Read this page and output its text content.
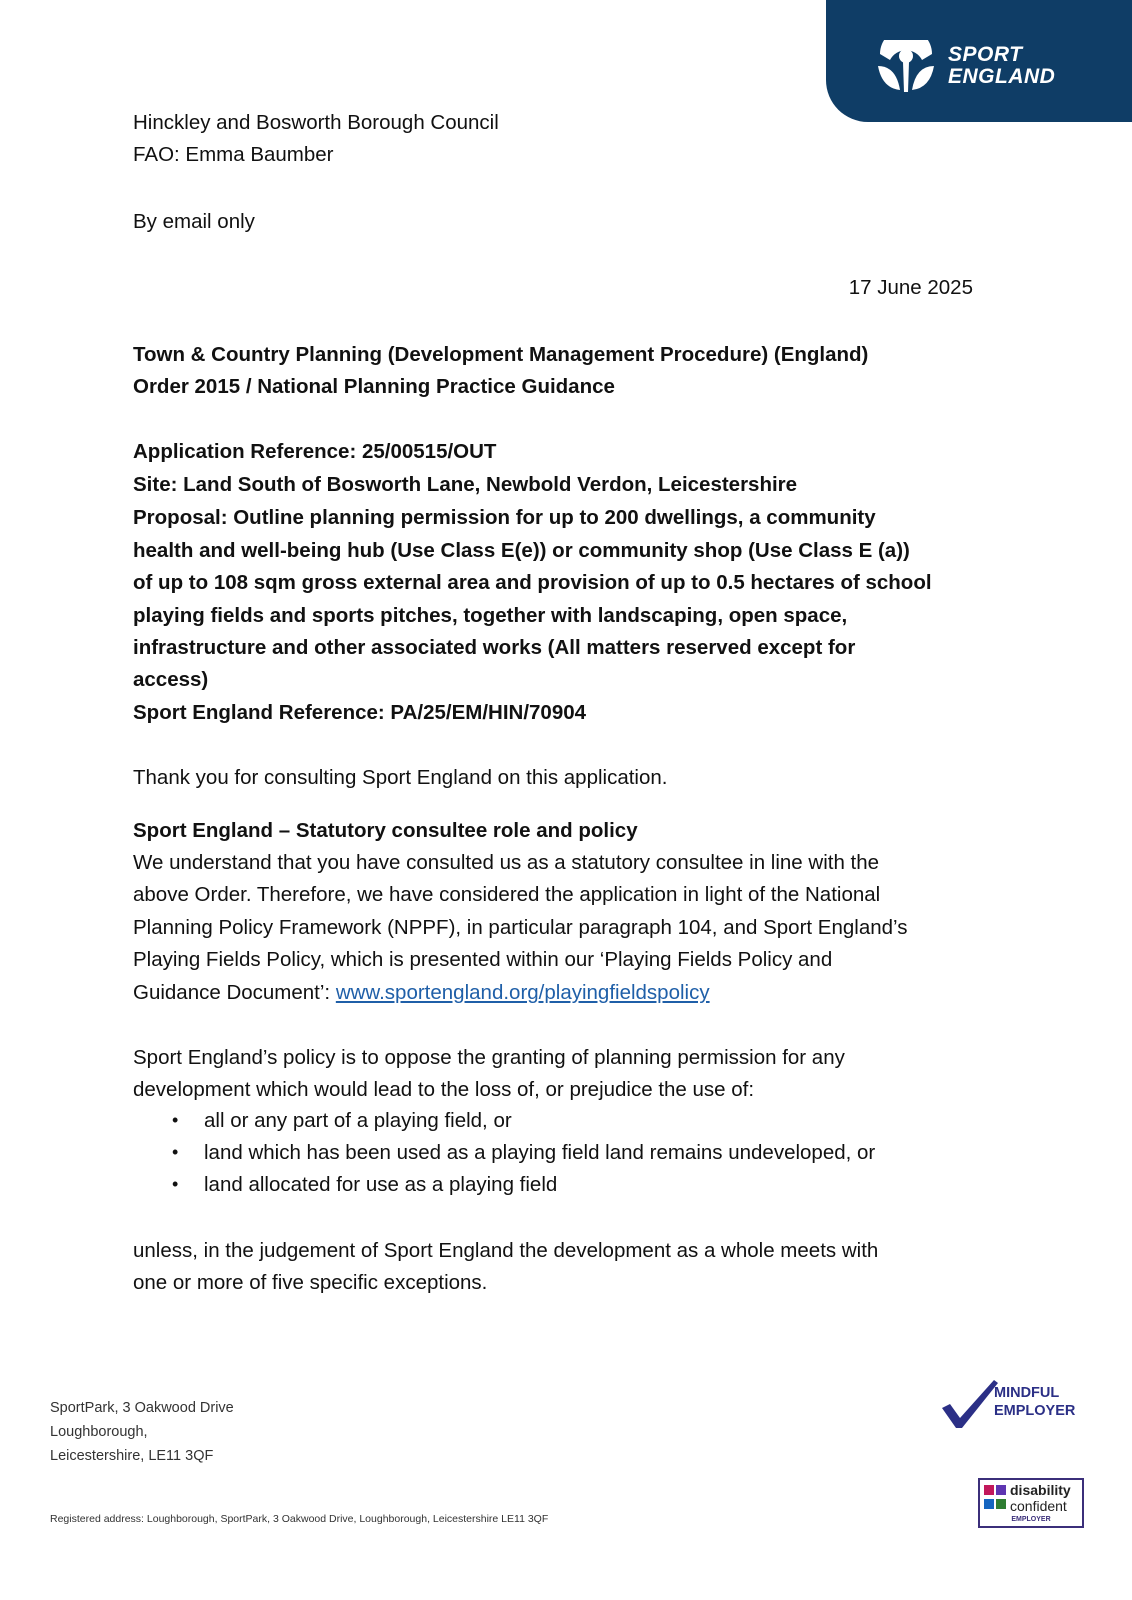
SPORT
ENGLAND
Hinckley and Bosworth Borough Council
FAO: Emma Baumber
By email only
17 June 2025
Town & Country Planning (Development Management Procedure) (England)
Order 2015 / National Planning Practice Guidance
Application Reference: 25/00515/OUT
Site: Land South of Bosworth Lane, Newbold Verdon, Leicestershire
Proposal: Outline planning permission for up to 200 dwellings, a community
health and well-being hub (Use Class E(e)) or community shop (Use Class E (a))
of up to 108 sqm gross external area and provision of up to 0.5 hectares of school
playing fields and sports pitches, together with landscaping, open space,
infrastructure and other associated works (All matters reserved except for
access)
Sport England Reference: PA/25/EM/HIN/70904
Thank you for consulting Sport England on this application.
Sport England – Statutory consultee role and policy
We understand that you have consulted us as a statutory consultee in line with the
above Order. Therefore, we have considered the application in light of the National
Planning Policy Framework (NPPF), in particular paragraph 104, and Sport England’s
Playing Fields Policy, which is presented within our ‘Playing Fields Policy and
Guidance Document’: www.sportengland.org/playingfieldspolicy
Sport England’s policy is to oppose the granting of planning permission for any
development which would lead to the loss of, or prejudice the use of:
• all or any part of a playing field, or
• land which has been used as a playing field land remains undeveloped, or
• land allocated for use as a playing field
unless, in the judgement of Sport England the development as a whole meets with
one or more of five specific exceptions.
SportPark, 3 Oakwood Drive
Loughborough,
Leicestershire, LE11 3QF
Registered address: Loughborough, SportPark, 3 Oakwood Drive, Loughborough, Leicestershire LE11 3QF
MINDFUL
EMPLOYER
disability
confident
EMPLOYER
